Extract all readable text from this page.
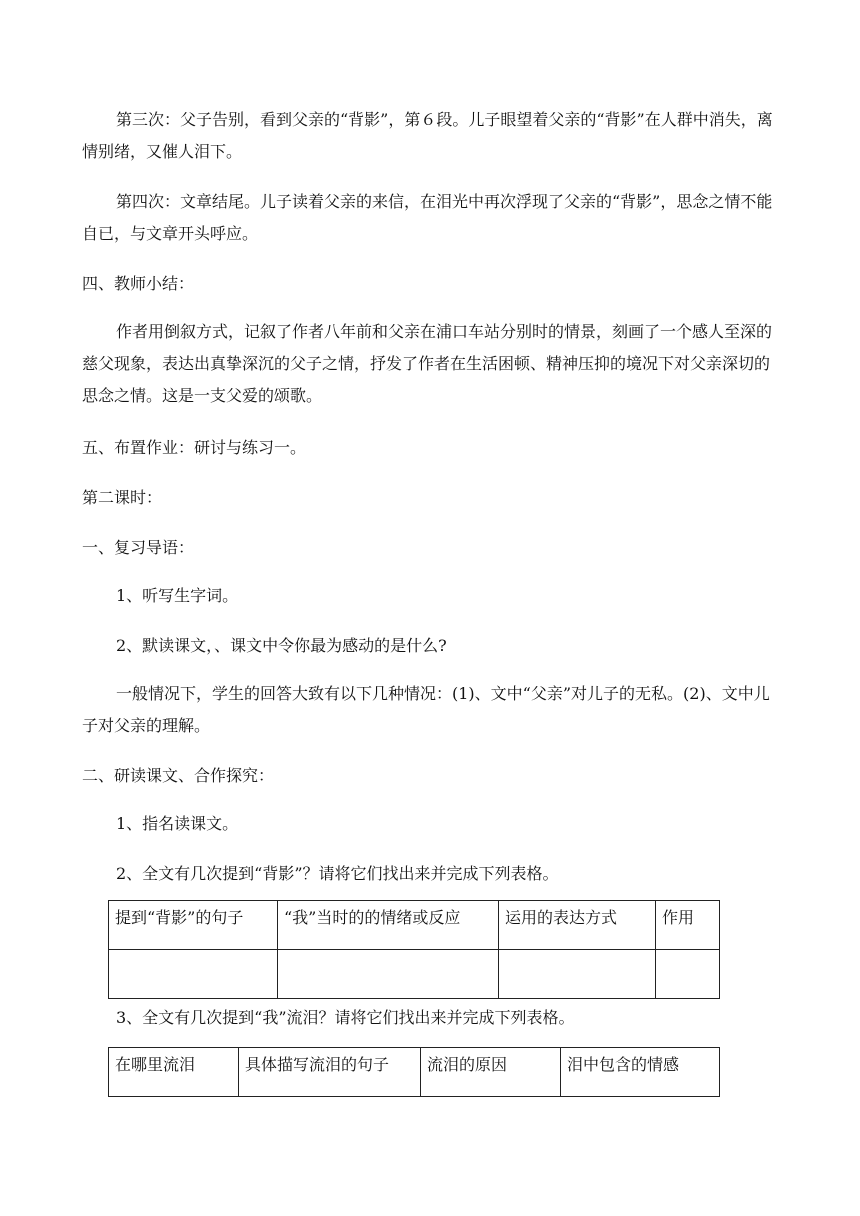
第三次：父子告别，看到父亲的“背影”，第６段。儿子眼望着父亲的“背影”在人群中消失，离情别绪，又催人泪下。

第四次：文章结尾。儿子读着父亲的来信，在泪光中再次浮现了父亲的“背影”，思念之情不能自已，与文章开头呼应。

四、教师小结：

作者用倒叙方式，记叙了作者八年前和父亲在浦口车站分别时的情景，刻画了一个感人至深的慈父现象，表达出真挚深沉的父子之情，抒发了作者在生活困顿、精神压抑的境况下对父亲深切的思念之情。这是一支父爱的颂歌。

五、布置作业：研讨与练习一。

第二课时：

一、复习导语：

1、听写生字词。

2、默读课文，、课文中令你最为感动的是什么?

一般情况下，学生的回答大致有以下几种情况：(1)、文中“父亲”对儿子的无私。(2)、文中儿子对父亲的理解。

二、研读课文、合作探究：

1、指名读课文。

2、全文有几次提到“背影”？请将它们找出来并完成下列表格。

提到“背影”的句子	“我”当时的的情绪或反应	运用的表达方式	作用

3、全文有几次提到“我”流泪？请将它们找出来并完成下列表格。

在哪里流泪	具体描写流泪的句子	流泪的原因	泪中包含的情感
